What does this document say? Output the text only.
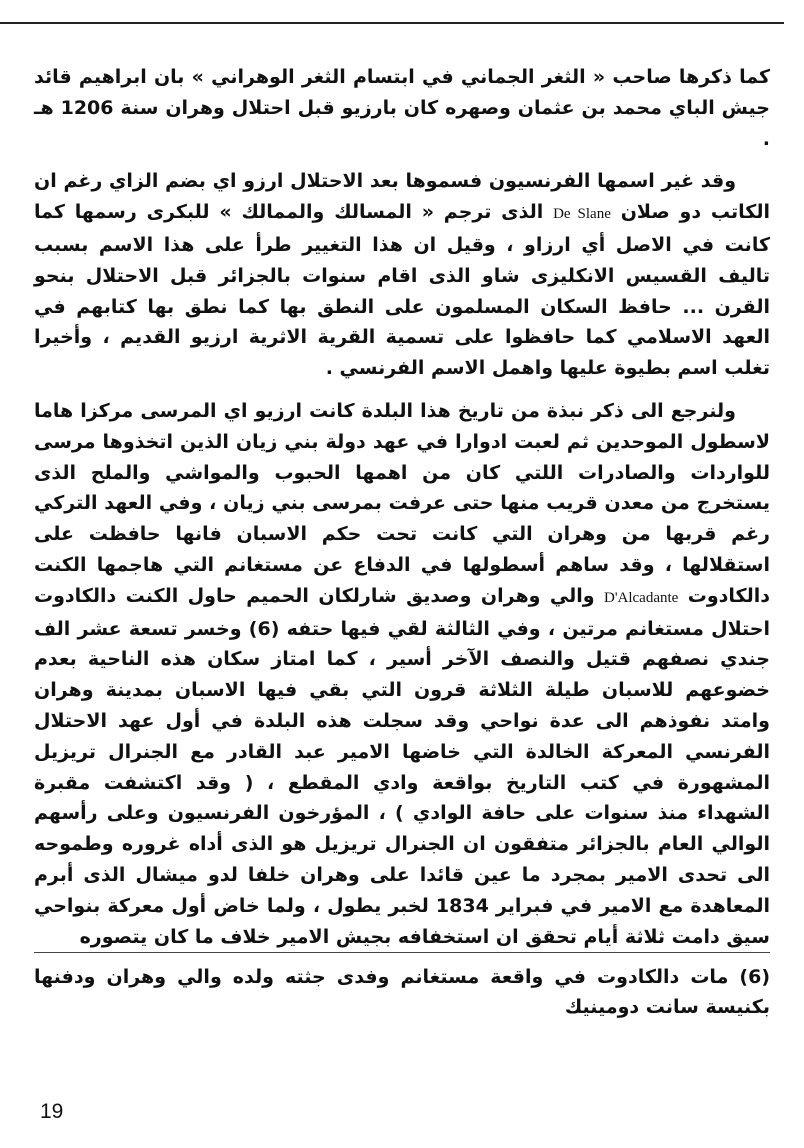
كما ذكرها صاحب « الثغر الجماني في ابتسام الثغر الوهراني » بان ابراهيم قائد جيش الباي محمد بن عثمان وصهره كان بارزيو قبل احتلال وهران سنة 1206 هـ .

وقد غير اسمها الفرنسيون فسموها بعد الاحتلال ارزو اي بضم الزاي رغم ان الكاتب دو صلان De Slane الذى ترجم « المسالك والممالك » للبكرى رسمها كما كانت في الاصل أي ارزاو ، وقيل ان هذا التغيير طرأ على هذا الاسم بسبب تاليف القسيس الانكليزى شاو الذى اقام سنوات بالجزائر قبل الاحتلال بنحو القرن ... حافظ السكان المسلمون على النطق بها كما نطق بها كتابهم في العهد الاسلامي كما حافظوا على تسمية القرية الاثرية ارزيو القديم ، وأخيرا تغلب اسم بطيوة عليها واهمل الاسم الفرنسي .

ولنرجع الى ذكر نبذة من تاريخ هذا البلدة كانت ارزيو اي المرسى مركزا هاما لاسطول الموحدين ثم لعبت ادوارا في عهد دولة بني زيان الذين اتخذوها مرسى للواردات والصادرات اللتي كان من اهمها الحبوب والمواشي والملح الذى يستخرج من معدن قريب منها حتى عرفت بمرسى بني زيان ، وفي العهد التركي رغم قربها من وهران التي كانت تحت حكم الاسبان فانها حافظت على استقلالها ، وقد ساهم أسطولها في الدفاع عن مستغانم التي هاجمها الكنت دالكادوت D'Alcadante والي وهران وصديق شارلكان الحميم حاول الكنت دالكادوت احتلال مستغانم مرتين ، وفي الثالثة لقي فيها حتفه (6) وخسر تسعة عشر الف جندي نصفهم قتيل والنصف الآخر أسير ، كما امتاز سكان هذه الناحية بعدم خضوعهم للاسبان طيلة الثلاثة قرون التي بقي فيها الاسبان بمدينة وهران وامتد نفوذهم الى عدة نواحي وقد سجلت هذه البلدة في أول عهد الاحتلال الفرنسي المعركة الخالدة التي خاضها الامير عبد القادر مع الجنرال تريزيل المشهورة في كتب التاريخ بواقعة وادي المقطع ، ( وقد اكتشفت مقبرة الشهداء منذ سنوات على حافة الوادي ) ، المؤرخون الفرنسيون وعلى رأسهم الوالي العام بالجزائر متفقون ان الجنرال تريزيل هو الذى أداه غروره وطموحه الى تحدى الامير بمجرد ما عين قائدا على وهران خلفا لدو ميشال الذى أبرم المعاهدة مع الامير في فبراير 1834 لخبر يطول ، ولما خاض أول معركة بنواحي سيق دامت ثلاثة أيام تحقق ان استخفافه بجيش الامير خلاف ما كان يتصوره

(6) مات دالكادوت في واقعة مستغانم وفدى جثته ولده والي وهران ودفنها بكنيسة سانت دومينيك
19
